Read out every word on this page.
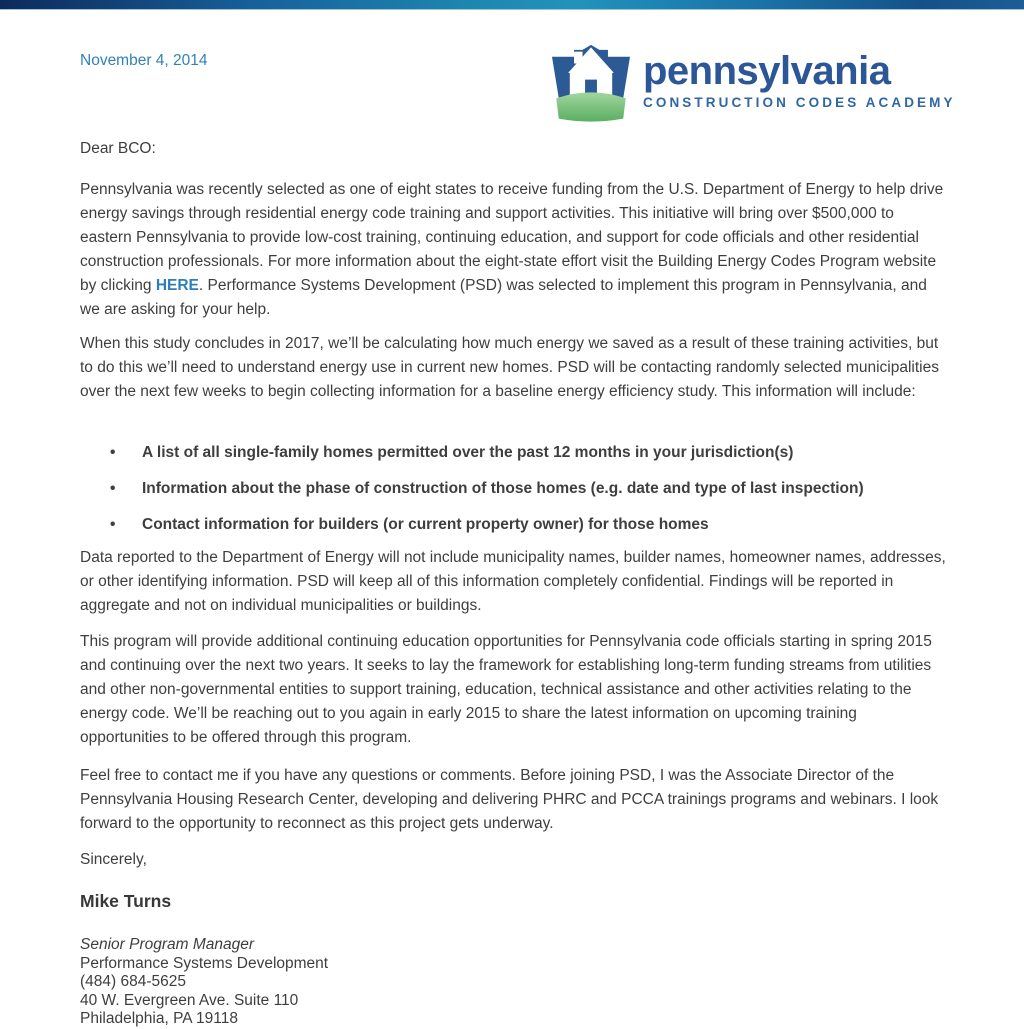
November 4, 2014	pennsylvania
CONSTRUCTION CODES ACADEMY
Dear BCO:

Pennsylvania was recently selected as one of eight states to receive funding from the U.S. Department of Energy to help drive energy savings through residential energy code training and support activities. This initiative will bring over $500,000 to eastern Pennsylvania to provide low-cost training, continuing education, and support for code officials and other residential construction professionals. For more information about the eight-state effort visit the Building Energy Codes Program website by clicking HERE. Performance Systems Development (PSD) was selected to implement this program in Pennsylvania, and we are asking for your help.

When this study concludes in 2017, we’ll be calculating how much energy we saved as a result of these training activities, but to do this we’ll need to understand energy use in current new homes. PSD will be contacting randomly selected municipalities over the next few weeks to begin collecting information for a baseline energy efficiency study. This information will include:

• A list of all single-family homes permitted over the past 12 months in your jurisdiction(s)
• Information about the phase of construction of those homes (e.g. date and type of last inspection)
• Contact information for builders (or current property owner) for those homes

Data reported to the Department of Energy will not include municipality names, builder names, homeowner names, addresses, or other identifying information. PSD will keep all of this information completely confidential. Findings will be reported in aggregate and not on individual municipalities or buildings.

This program will provide additional continuing education opportunities for Pennsylvania code officials starting in spring 2015 and continuing over the next two years. It seeks to lay the framework for establishing long-term funding streams from utilities and other non-governmental entities to support training, education, technical assistance and other activities relating to the energy code. We’ll be reaching out to you again in early 2015 to share the latest information on upcoming training opportunities to be offered through this program.

Feel free to contact me if you have any questions or comments. Before joining PSD, I was the Associate Director of the Pennsylvania Housing Research Center, developing and delivering PHRC and PCCA trainings programs and webinars. I look forward to the opportunity to reconnect as this project gets underway.

Sincerely,
Mike Turns
Senior Program Manager
Performance Systems Development
(484) 684-5625
40 W. Evergreen Ave. Suite 110
Philadelphia, PA 19118
